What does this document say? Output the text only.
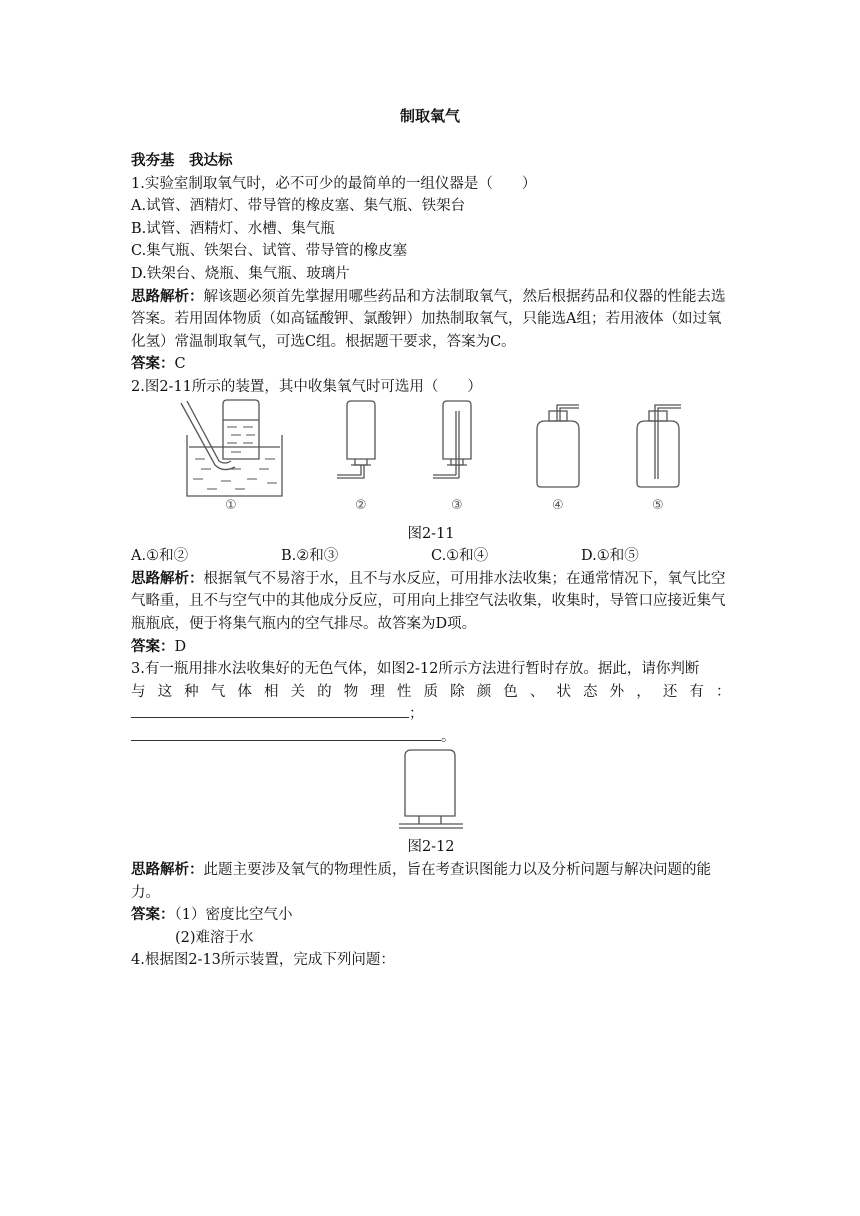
制取氧气

我夯基　我达标

1.实验室制取氧气时，必不可少的最简单的一组仪器是（　　）

A.试管、酒精灯、带导管的橡皮塞、集气瓶、铁架台

B.试管、酒精灯、水槽、集气瓶

C.集气瓶、铁架台、试管、带导管的橡皮塞

D.铁架台、烧瓶、集气瓶、玻璃片

思路解析：解该题必须首先掌握用哪些药品和方法制取氧气，然后根据药品和仪器的性能去选答案。若用固体物质（如高锰酸钾、氯酸钾）加热制取氧气，只能选A组；若用液体（如过氧化氢）常温制取氧气，可选C组。根据题干要求，答案为C。

答案：C

2.图2-11所示的装置，其中收集氧气时可选用（　　）

①	②	③	④	⑤

图2-11

A.①和②	B.②和③	C.①和④	D.①和⑤

思路解析：根据氧气不易溶于水，且不与水反应，可用排水法收集；在通常情况下，氧气比空气略重，且不与空气中的其他成分反应，可用向上排空气法收集，收集时，导管口应接近集气瓶瓶底，便于将集气瓶内的空气排尽。故答案为D项。

答案：D

3.有一瓶用排水法收集好的无色气体，如图2-12所示方法进行暂时存放。据此，请你判断

与这种气体相关的物理性质除颜色、状态外，还有：

；

。

图2-12

思路解析：此题主要涉及氧气的物理性质，旨在考查识图能力以及分析问题与解决问题的能力。

答案：（1）密度比空气小

(2)难溶于水

4.根据图2-13所示装置，完成下列问题：
